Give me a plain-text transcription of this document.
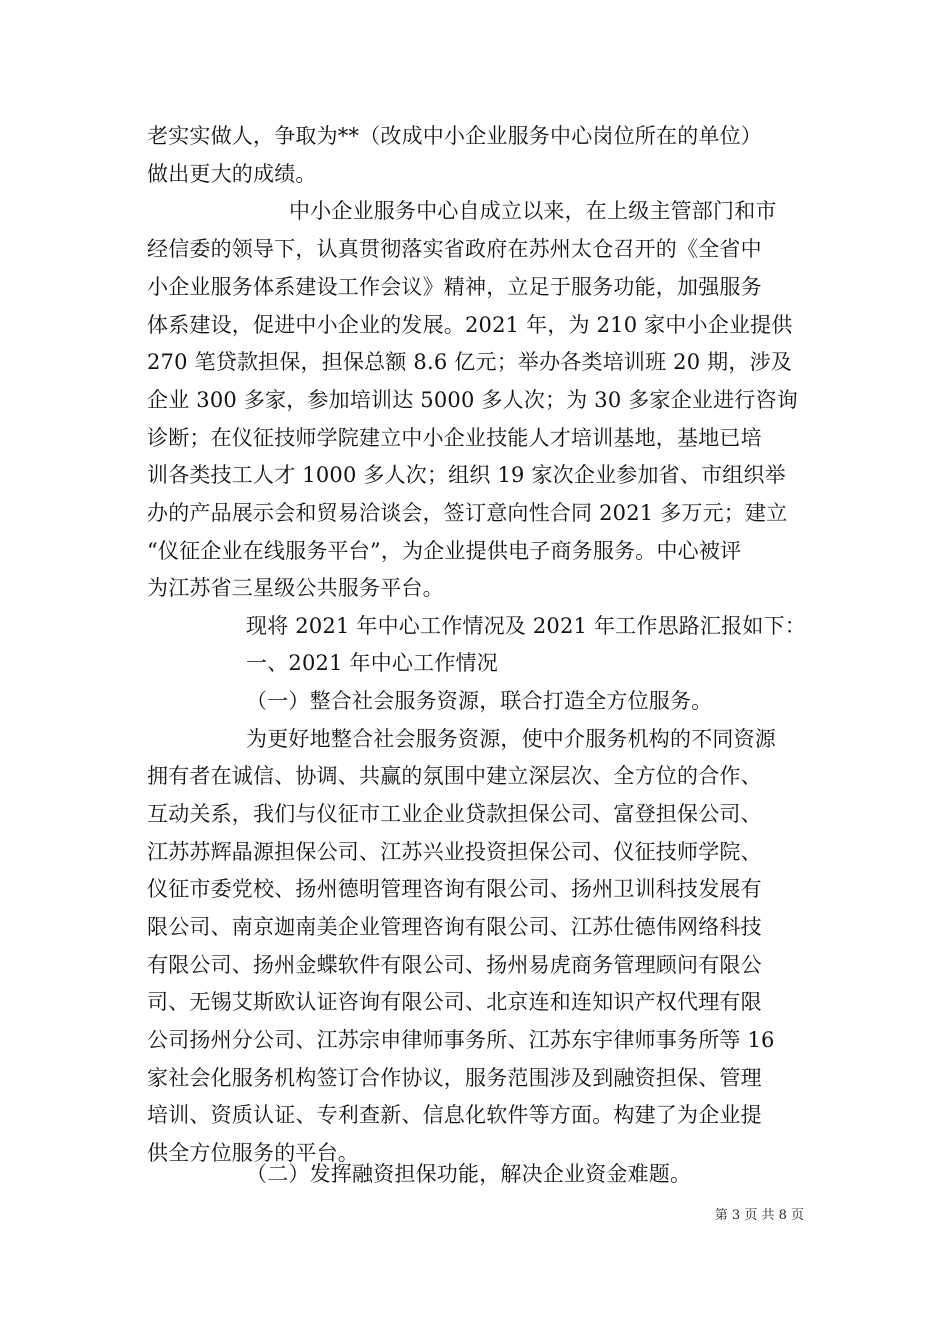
老实实做人，争取为**（改成中小企业服务中心岗位所在的单位）
做出更大的成绩。
中小企业服务中心自成立以来，在上级主管部门和市
经信委的领导下，认真贯彻落实省政府在苏州太仓召开的《全省中
小企业服务体系建设工作会议》精神，立足于服务功能，加强服务
体系建设，促进中小企业的发展。2021 年，为 210 家中小企业提供
270 笔贷款担保，担保总额 8.6 亿元；举办各类培训班 20 期，涉及
企业 300 多家，参加培训达 5000 多人次；为 30 多家企业进行咨询
诊断；在仪征技师学院建立中小企业技能人才培训基地，基地已培
训各类技工人才 1000 多人次；组织 19 家次企业参加省、市组织举
办的产品展示会和贸易洽谈会，签订意向性合同 2021 多万元；建立
“仪征企业在线服务平台”，为企业提供电子商务服务。中心被评
为江苏省三星级公共服务平台。
现将 2021 年中心工作情况及 2021 年工作思路汇报如下：
一、2021 年中心工作情况
（一）整合社会服务资源，联合打造全方位服务。
为更好地整合社会服务资源，使中介服务机构的不同资源
拥有者在诚信、协调、共赢的氛围中建立深层次、全方位的合作、
互动关系，我们与仪征市工业企业贷款担保公司、富登担保公司、
江苏苏辉晶源担保公司、江苏兴业投资担保公司、仪征技师学院、
仪征市委党校、扬州德明管理咨询有限公司、扬州卫训科技发展有
限公司、南京迦南美企业管理咨询有限公司、江苏仕德伟网络科技
有限公司、扬州金蝶软件有限公司、扬州易虎商务管理顾问有限公
司、无锡艾斯欧认证咨询有限公司、北京连和连知识产权代理有限
公司扬州分公司、江苏宗申律师事务所、江苏东宇律师事务所等 16
家社会化服务机构签订合作协议，服务范围涉及到融资担保、管理
培训、资质认证、专利查新、信息化软件等方面。构建了为企业提
供全方位服务的平台。
（二）发挥融资担保功能，解决企业资金难题。
第 3 页 共 8 页
